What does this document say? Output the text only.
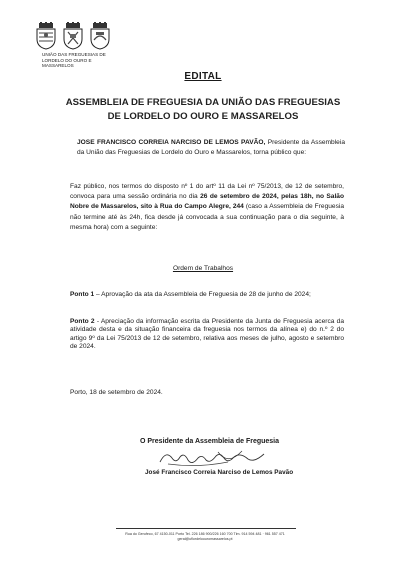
UNIÃO DAS FREGUESIAS DE
LORDELO DO OURO E MASSARELOS
EDITAL
ASSEMBLEIA DE FREGUESIA DA UNIÃO DAS FREGUESIAS
DE LORDELO DO OURO E MASSARELOS
JOSE FRANCISCO CORREIA NARCISO DE LEMOS PAVÃO, Presidente da Assembleia da União das Freguesias de Lordelo do Ouro e Massarelos, torna público que:
Faz público, nos termos do disposto nº 1 do artº 11 da Lei nº 75/2013, de 12 de setembro, convoca para uma sessão ordinária no dia 26 de setembro de 2024, pelas 18h, no Salão Nobre de Massarelos, sito à Rua do Campo Alegre, 244 (caso a Assembleia de Freguesia não termine até às 24h, fica desde já convocada a sua continuação para o dia seguinte, à mesma hora) com a seguinte:
Ordem de Trabalhos
Ponto 1 – Aprovação da ata da Assembleia de Freguesia de 28 de junho de 2024;
Ponto 2 - Apreciação da informação escrita da Presidente da Junta de Freguesia acerca da atividade desta e da situação financeira da freguesia nos termos da alínea e) do n.º 2 do artigo 9º da Lei 75/2013 de 12 de setembro, relativa aos meses de julho, agosto e setembro de 2024.
Porto, 18 de setembro de 2024.
O Presidente da Assembleia de Freguesia
José Francisco Correia Narciso de Lemos Pavão
Rua do Gerufeco, 67 4150-011 Porto Tel. 226 186 900/226 160 700 Tlm. 914 594 481 · 961 557 471
geral@uflordeloouromassarelos.pt
